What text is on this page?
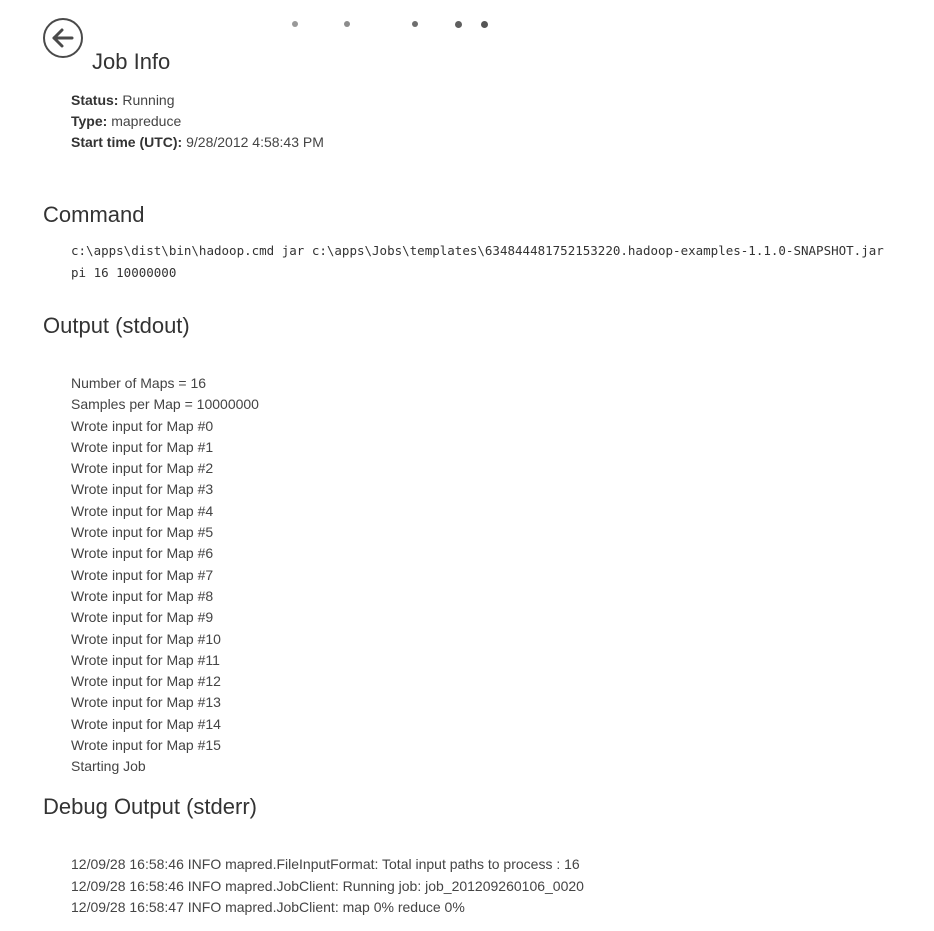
Job Info
Status: Running
Type: mapreduce
Start time (UTC): 9/28/2012 4:58:43 PM
Command
c:\apps\dist\bin\hadoop.cmd jar c:\apps\Jobs\templates\634844481752153220.hadoop-examples-1.1.0-SNAPSHOT.jar
pi 16 10000000
Output (stdout)
Number of Maps = 16
Samples per Map = 10000000
Wrote input for Map #0
Wrote input for Map #1
Wrote input for Map #2
Wrote input for Map #3
Wrote input for Map #4
Wrote input for Map #5
Wrote input for Map #6
Wrote input for Map #7
Wrote input for Map #8
Wrote input for Map #9
Wrote input for Map #10
Wrote input for Map #11
Wrote input for Map #12
Wrote input for Map #13
Wrote input for Map #14
Wrote input for Map #15
Starting Job
Debug Output (stderr)
12/09/28 16:58:46 INFO mapred.FileInputFormat: Total input paths to process : 16
12/09/28 16:58:46 INFO mapred.JobClient: Running job: job_201209260106_0020
12/09/28 16:58:47 INFO mapred.JobClient: map 0% reduce 0%
